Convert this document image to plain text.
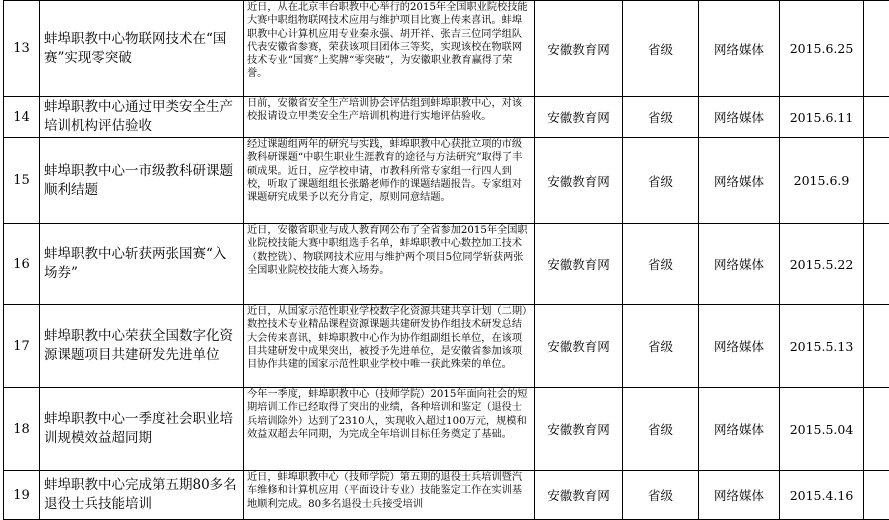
13	蚌埠职教中心物联网技术在“国赛”实现零突破	近日，从在北京丰台职教中心举行的2015年全国职业院校技能大赛中职组物联网技术应用与维护项目比赛上传来喜讯。蚌埠职教中心计算机应用专业秦永强、胡开祥、张吉三位同学组队代表安徽省参赛，荣获该项目团体三等奖，实现该校在物联网技术专业“国赛”上奖牌“零突破”，为安徽职业教育赢得了荣誉。	安徽教育网	省级	网络媒体	2015.6.25	
14	蚌埠职教中心通过甲类安全生产培训机构评估验收	日前，安徽省安全生产培训协会评估组到蚌埠职教中心，对该校报请设立甲类安全生产培训机构进行实地评估验收。	安徽教育网	省级	网络媒体	2015.6.11	
15	蚌埠职教中心一市级教科研课题顺利结题	经过课题组两年的研究与实践，蚌埠职教中心获批立项的市级教科研课题“中职生职业生涯教育的途径与方法研究”取得了丰硕成果。近日，应学校申请，市教科所常专家组一行四人到校，听取了课题组组长张璐老师作的课题结题报告。专家组对课题研究成果予以充分肯定，原则同意结题。	安徽教育网	省级	网络媒体	2015.6.9	
16	蚌埠职教中心斩获两张国赛“入场券”	近日，安徽省职业与成人教育网公布了全省参加2015年全国职业院校技能大赛中职组选手名单，蚌埠职教中心数控加工技术（数控铣）、物联网技术应用与维护两个项目5位同学斩获两张全国职业院校技能大赛入场券。	安徽教育网	省级	网络媒体	2015.5.22	
17	蚌埠职教中心荣获全国数字化资源课题项目共建研发先进单位	近日，从国家示范性职业学校数字化资源共建共享计划（二期）数控技术专业精品课程资源课题共建研发协作组技术研发总结大会传来喜讯，蚌埠职教中心作为协作组副组长单位，在该项目共建研发中成果突出，被授予先进单位，是安徽省参加该项目协作共建的国家示范性职业学校中唯一获此殊荣的单位。	安徽教育网	省级	网络媒体	2015.5.13	
18	蚌埠职教中心一季度社会职业培训规模效益超同期	今年一季度，蚌埠职教中心（技师学院）2015年面向社会的短期培训工作已经取得了突出的业绩，各种培训和鉴定（退役士兵培训除外）达到了2310人，实现收入超过100万元，规模和效益双超去年同期，为完成全年培训目标任务奠定了基础。	安徽教育网	省级	网络媒体	2015.5.04	
19	蚌埠职教中心完成第五期80多名退役士兵技能培训	近日，蚌埠职教中心（技师学院）第五期的退役士兵培训暨汽车维修和计算机应用（平面设计专业）技能鉴定工作在实训基地顺利完成。80多名退役士兵接受培训	安徽教育网	省级	网络媒体	2015.4.16	
